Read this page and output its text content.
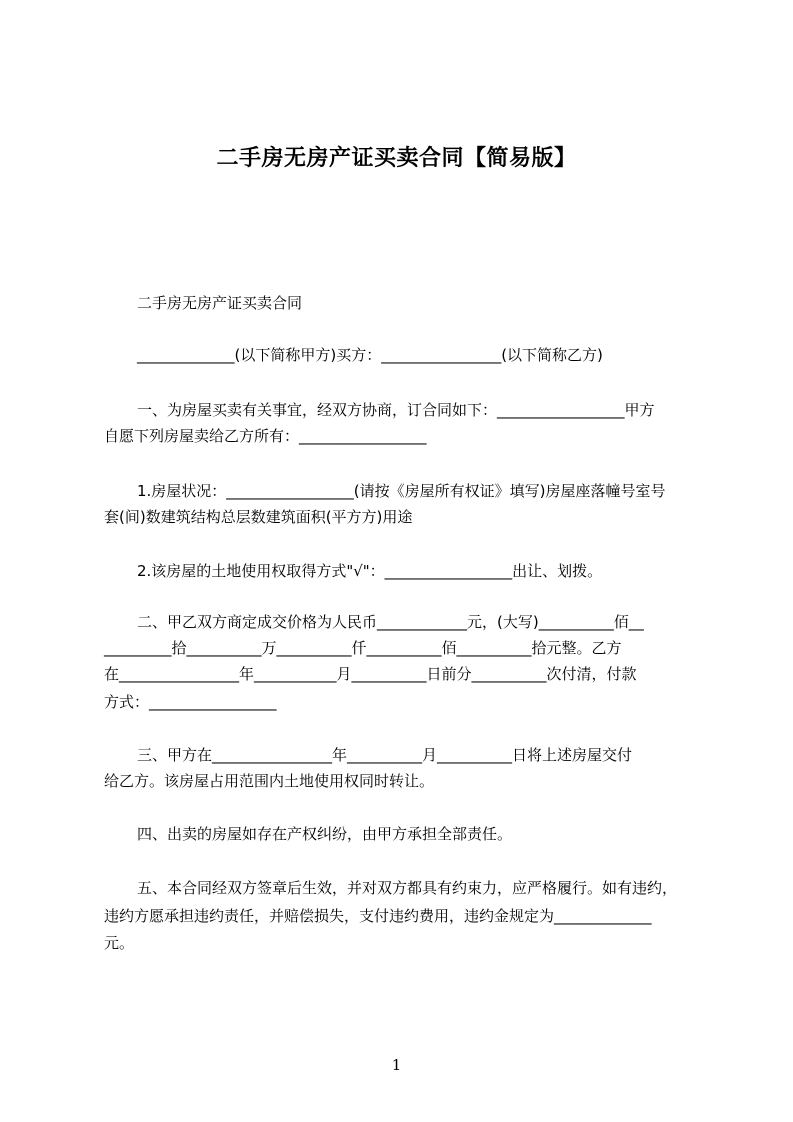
二手房无房产证买卖合同【简易版】
二手房无房产证买卖合同
_____________(以下简称甲方)买方：________________(以下简称乙方)
一、为房屋买卖有关事宜，经双方协商，订合同如下：_________________甲方
自愿下列房屋卖给乙方所有：_________________
1.房屋状况：_________________(请按《房屋所有权证》填写)房屋座落幢号室号
套(间)数建筑结构总层数建筑面积(平方方)用途
2.该房屋的土地使用权取得方式"√"：_________________出让、划拨。
二、甲乙双方商定成交价格为人民币____________元，(大写)__________佰__
_________拾__________万__________仟__________佰__________拾元整。乙方
在________________年___________月__________日前分__________次付清，付款
方式：_________________
三、甲方在________________年__________月__________日将上述房屋交付
给乙方。该房屋占用范围内土地使用权同时转让。
四、出卖的房屋如存在产权纠纷，由甲方承担全部责任。
五、本合同经双方签章后生效，并对双方都具有约束力，应严格履行。如有违约，
违约方愿承担违约责任，并赔偿损失，支付违约费用，违约金规定为_____________
元。
1
